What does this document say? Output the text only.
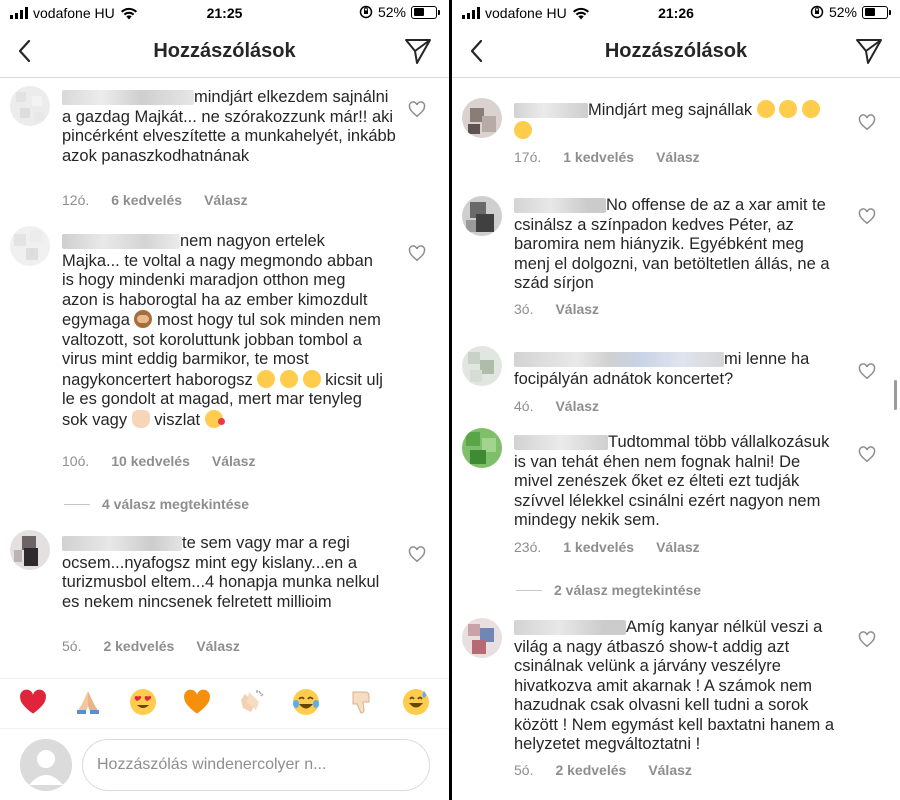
vodafone HU	21:25	52%
Hozzászólások
mindjárt elkezdem sajnálni a gazdag Majkát... ne szórakozzunk már!! aki pincérként elveszítette a munkahelyét, inkább azok panaszkodhatnának
12ó. 6 kedvelés Válasz
nem nagyon ertelek Majka... te voltal a nagy megmondo abban is hogy mindenki maradjon otthon meg azon is haborogtal ha az ember kimozdult egymaga
most hogy tul sok minden nem valtozott, sot koroluttunk jobban tombol a virus mint eddig barmikor, te most nagykoncertert haborogsz	kicsit ulj le es gondolt at magad, mert mar tenyleg sok vagy  viszlat
10ó. 10 kedvelés Válasz
4 válasz megtekintése
te sem vagy mar a regi ocsem...nyafogsz mint egy kislany...en a turizmusbol eltem...4 honapja munka nelkul es nekem nincsenek felretett millioim
5ó. 2 kedvelés Válasz
Hozzászólás windenercolyer n...
vodafone HU	21:26	52%
Hozzászólások
Mindjárt meg sajnállak
17ó. 1 kedvelés Válasz
No offense de az a xar amit te csinálsz a színpadon kedves Péter, az baromira nem hiányzik. Egyébként meg menj el dolgozni, van betöltetlen állás, ne a szád sírjon
3ó. Válasz
mi lenne ha focipályán adnátok koncertet?
4ó. Válasz
Tudtommal több vállalkozásuk is van tehát éhen nem fognak halni! De mivel zenészek őket ez élteti ezt tudják szívvel lélekkel csinálni ezért nagyon nem mindegy nekik sem.
23ó. 1 kedvelés Válasz
2 válasz megtekintése
Amíg kanyar nélkül veszi a világ a nagy átbaszó show-t addig azt csinálnak velünk a járvány veszélyre hivatkozva amit akarnak ! A számok nem hazudnak csak olvasni kell tudni a sorok között ! Nem egymást kell baxtatni hanem a helyzetet megváltoztatni !
5ó. 2 kedvelés Válasz
